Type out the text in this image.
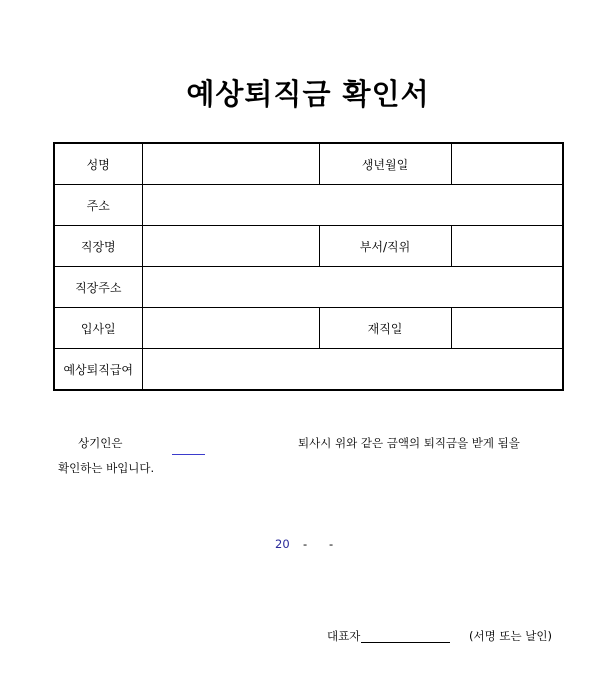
예상퇴직금 확인서
성명		생년월일	
주소			
직장명		부서/직위	
직장주소			
입사일		재직일	
예상퇴직급여			
상기인은	퇴사시 위와 같은 금액의 퇴직금을 받게 됨을
확인하는 바입니다.
20 - -
대표자	(서명 또는 날인)
